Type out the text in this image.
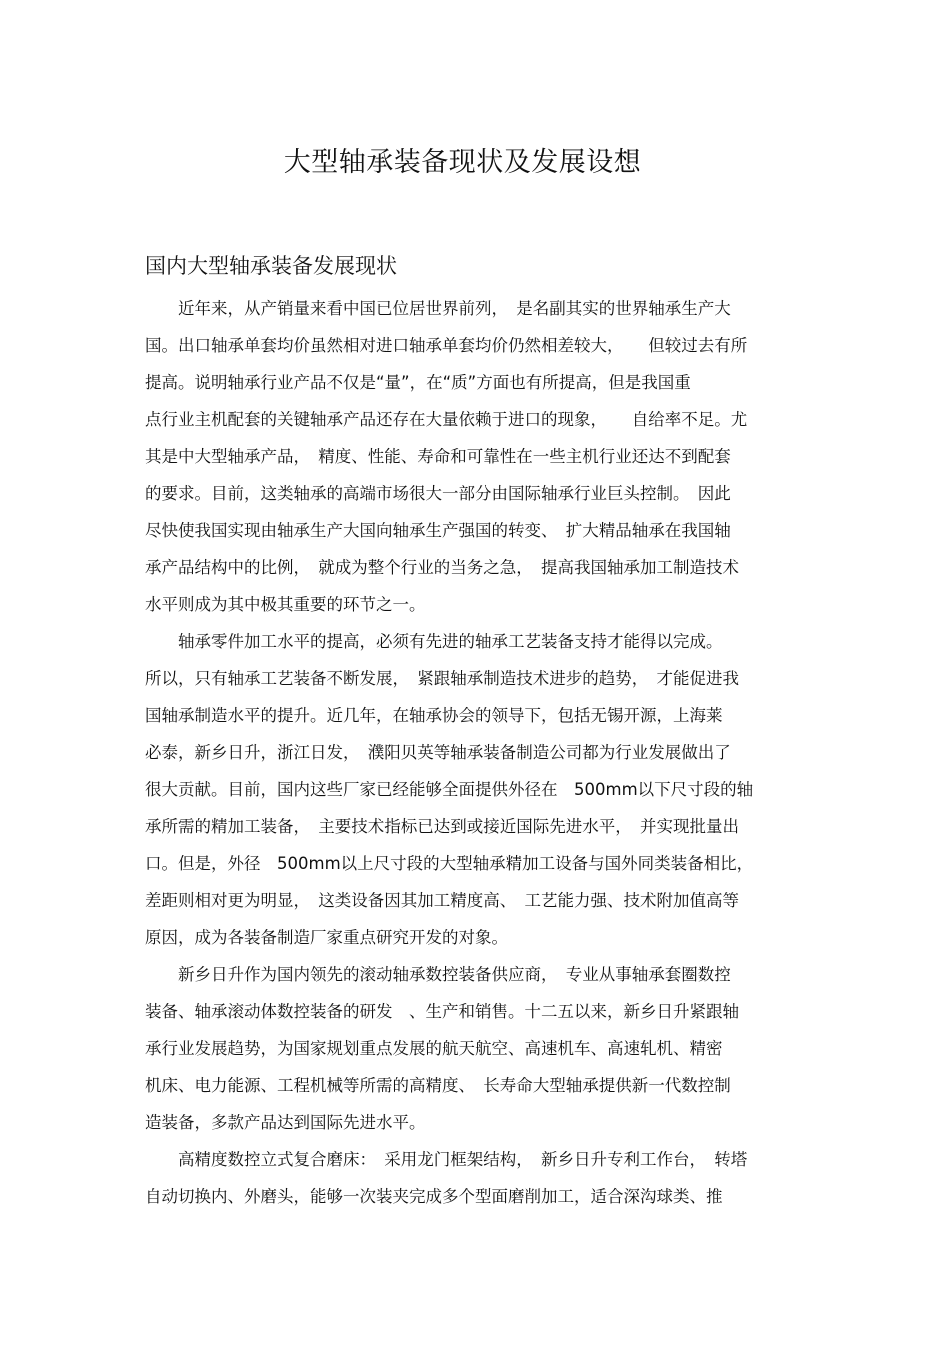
大型轴承装备现状及发展设想
国内大型轴承装备发展现状
　　近年来，从产销量来看中国已位居世界前列，　是名副其实的世界轴承生产大
国。出口轴承单套均价虽然相对进口轴承单套均价仍然相差较大，　　但较过去有所
提高。说明轴承行业产品不仅是“量”，在“质”方面也有所提高，但是我国重
点行业主机配套的关键轴承产品还存在大量依赖于进口的现象，　　自给率不足。尤
其是中大型轴承产品，　精度、性能、寿命和可靠性在一些主机行业还达不到配套
的要求。目前，这类轴承的高端市场很大一部分由国际轴承行业巨头控制。　因此
尽快使我国实现由轴承生产大国向轴承生产强国的转变、　扩大精品轴承在我国轴
承产品结构中的比例，　就成为整个行业的当务之急，　提高我国轴承加工制造技术
水平则成为其中极其重要的环节之一。
　　轴承零件加工水平的提高，必须有先进的轴承工艺装备支持才能得以完成。
所以，只有轴承工艺装备不断发展，　紧跟轴承制造技术进步的趋势，　才能促进我
国轴承制造水平的提升。近几年，在轴承协会的领导下，包括无锡开源，上海莱
必泰，新乡日升，浙江日发，　濮阳贝英等轴承装备制造公司都为行业发展做出了
很大贡献。目前，国内这些厂家已经能够全面提供外径在　500mm以下尺寸段的轴
承所需的精加工装备，　主要技术指标已达到或接近国际先进水平，　并实现批量出
口。但是，外径　500mm以上尺寸段的大型轴承精加工设备与国外同类装备相比，
差距则相对更为明显，　这类设备因其加工精度高、　工艺能力强、技术附加值高等
原因，成为各装备制造厂家重点研究开发的对象。
　　新乡日升作为国内领先的滚动轴承数控装备供应商，　专业从事轴承套圈数控
装备、轴承滚动体数控装备的研发　、生产和销售。十二五以来，新乡日升紧跟轴
承行业发展趋势，为国家规划重点发展的航天航空、高速机车、高速轧机、精密
机床、电力能源、工程机械等所需的高精度、　长寿命大型轴承提供新一代数控制
造装备，多款产品达到国际先进水平。
　　高精度数控立式复合磨床：　采用龙门框架结构，　新乡日升专利工作台，　转塔
自动切换内、外磨头，能够一次装夹完成多个型面磨削加工，适合深沟球类、推
